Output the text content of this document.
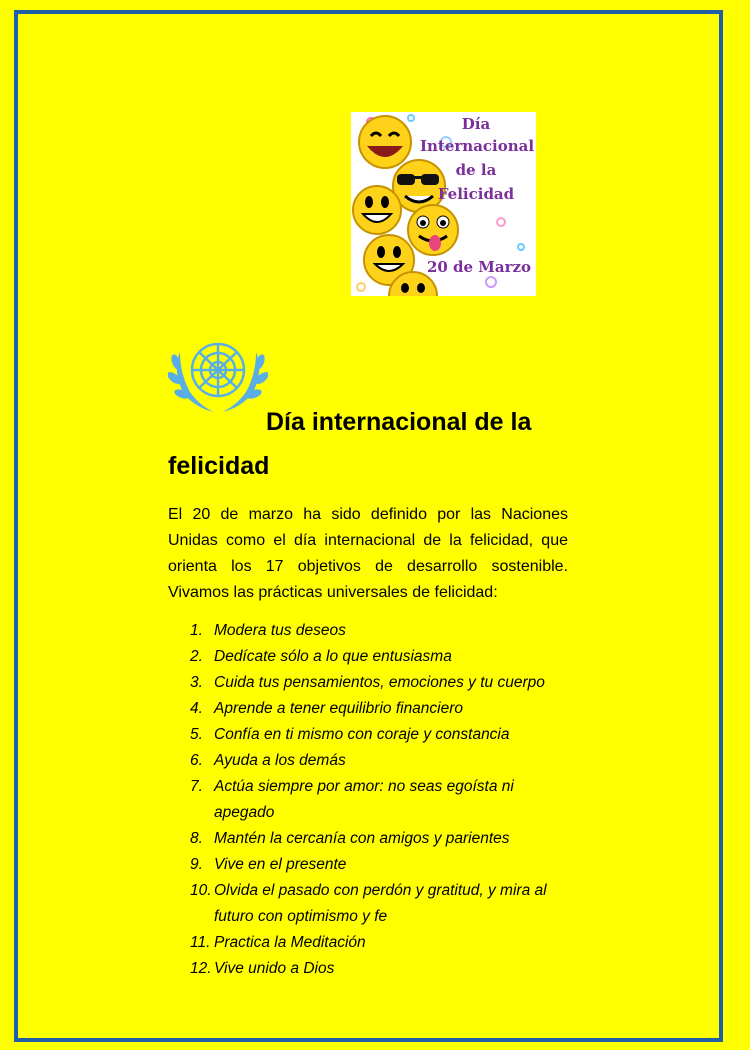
Día
Internacional
de la
Felicidad
20 de Marzo
Día internacional de la
felicidad
El 20 de marzo ha sido definido por las Naciones Unidas como el día internacional de la felicidad, que orienta los 17 objetivos de desarrollo sostenible. Vivamos las prácticas universales de felicidad:
1. Modera tus deseos
2. Dedícate sólo a lo que entusiasma
3. Cuida tus pensamientos, emociones y tu cuerpo
4. Aprende a tener equilibrio financiero
5. Confía en ti mismo con coraje y constancia
6. Ayuda a los demás
7. Actúa siempre por amor: no seas egoísta ni apegado
8. Mantén la cercanía con amigos y parientes
9. Vive en el presente
10. Olvida el pasado con perdón y gratitud, y mira al futuro con optimismo y fe
11. Practica la Meditación
12. Vive unido a Dios
